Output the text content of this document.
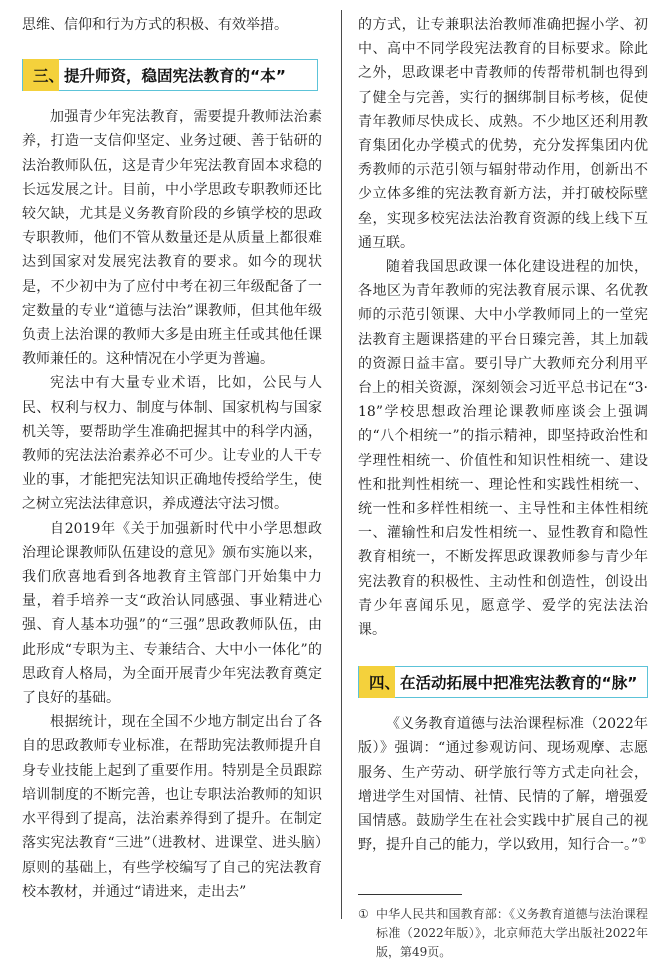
思维、信仰和行为方式的积极、有效举措。

三、提升师资，稳固宪法教育的“本”

加强青少年宪法教育，需要提升教师法治素养，打造一支信仰坚定、业务过硬、善于钻研的法治教师队伍，这是青少年宪法教育固本求稳的长远发展之计。目前，中小学思政专职教师还比较欠缺，尤其是义务教育阶段的乡镇学校的思政专职教师，他们不管从数量还是从质量上都很难达到国家对发展宪法教育的要求。如今的现状是，不少初中为了应付中考在初三年级配备了一定数量的专业“道德与法治”课教师，但其他年级负责上法治课的教师大多是由班主任或其他任课教师兼任的。这种情况在小学更为普遍。

宪法中有大量专业术语，比如，公民与人民、权利与权力、制度与体制、国家机构与国家机关等，要帮助学生准确把握其中的科学内涵，教师的宪法法治素养必不可少。让专业的人干专业的事，才能把宪法知识正确地传授给学生，使之树立宪法法律意识，养成遵法守法习惯。

自2019年《关于加强新时代中小学思想政治理论课教师队伍建设的意见》颁布实施以来，我们欣喜地看到各地教育主管部门开始集中力量，着手培养一支“政治认同感强、事业精进心强、育人基本功强”的“三强”思政教师队伍，由此形成“专职为主、专兼结合、大中小一体化”的思政育人格局，为全面开展青少年宪法教育奠定了良好的基础。

根据统计，现在全国不少地方制定出台了各自的思政教师专业标准，在帮助宪法教师提升自身专业技能上起到了重要作用。特别是全员跟踪培训制度的不断完善，也让专职法治教师的知识水平得到了提高，法治素养得到了提升。在制定落实宪法教育“三进”（进教材、进课堂、进头脑）原则的基础上，有些学校编写了自己的宪法教育校本教材，并通过“请进来，走出去”

的方式，让专兼职法治教师准确把握小学、初中、高中不同学段宪法教育的目标要求。除此之外，思政课老中青教师的传帮带机制也得到了健全与完善，实行的捆绑制目标考核，促使青年教师尽快成长、成熟。不少地区还利用教育集团化办学模式的优势，充分发挥集团内优秀教师的示范引领与辐射带动作用，创新出不少立体多维的宪法教育新方法，并打破校际壁垒，实现多校宪法法治教育资源的线上线下互通互联。

随着我国思政课一体化建设进程的加快，各地区为青年教师的宪法教育展示课、名优教师的示范引领课、大中小学教师同上的一堂宪法教育主题课搭建的平台日臻完善，其上加载的资源日益丰富。要引导广大教师充分利用平台上的相关资源，深刻领会习近平总书记在“3·18”学校思想政治理论课教师座谈会上强调的“八个相统一”的指示精神，即坚持政治性和学理性相统一、价值性和知识性相统一、建设性和批判性相统一、理论性和实践性相统一、统一性和多样性相统一、主导性和主体性相统一、灌输性和启发性相统一、显性教育和隐性教育相统一，不断发挥思政课教师参与青少年宪法教育的积极性、主动性和创造性，创设出青少年喜闻乐见，愿意学、爱学的宪法法治课。

四、在活动拓展中把准宪法教育的“脉”

《义务教育道德与法治课程标准（2022年版）》强调：“通过参观访问、现场观摩、志愿服务、生产劳动、研学旅行等方式走向社会，增进学生对国情、社情、民情的了解，增强爱国情感。鼓励学生在社会实践中扩展自己的视野，提升自己的能力，学以致用，知行合一。”①

① 中华人民共和国教育部：《义务教育道德与法治课程标准（2022年版）》，北京师范大学出版社2022年版，第49页。
